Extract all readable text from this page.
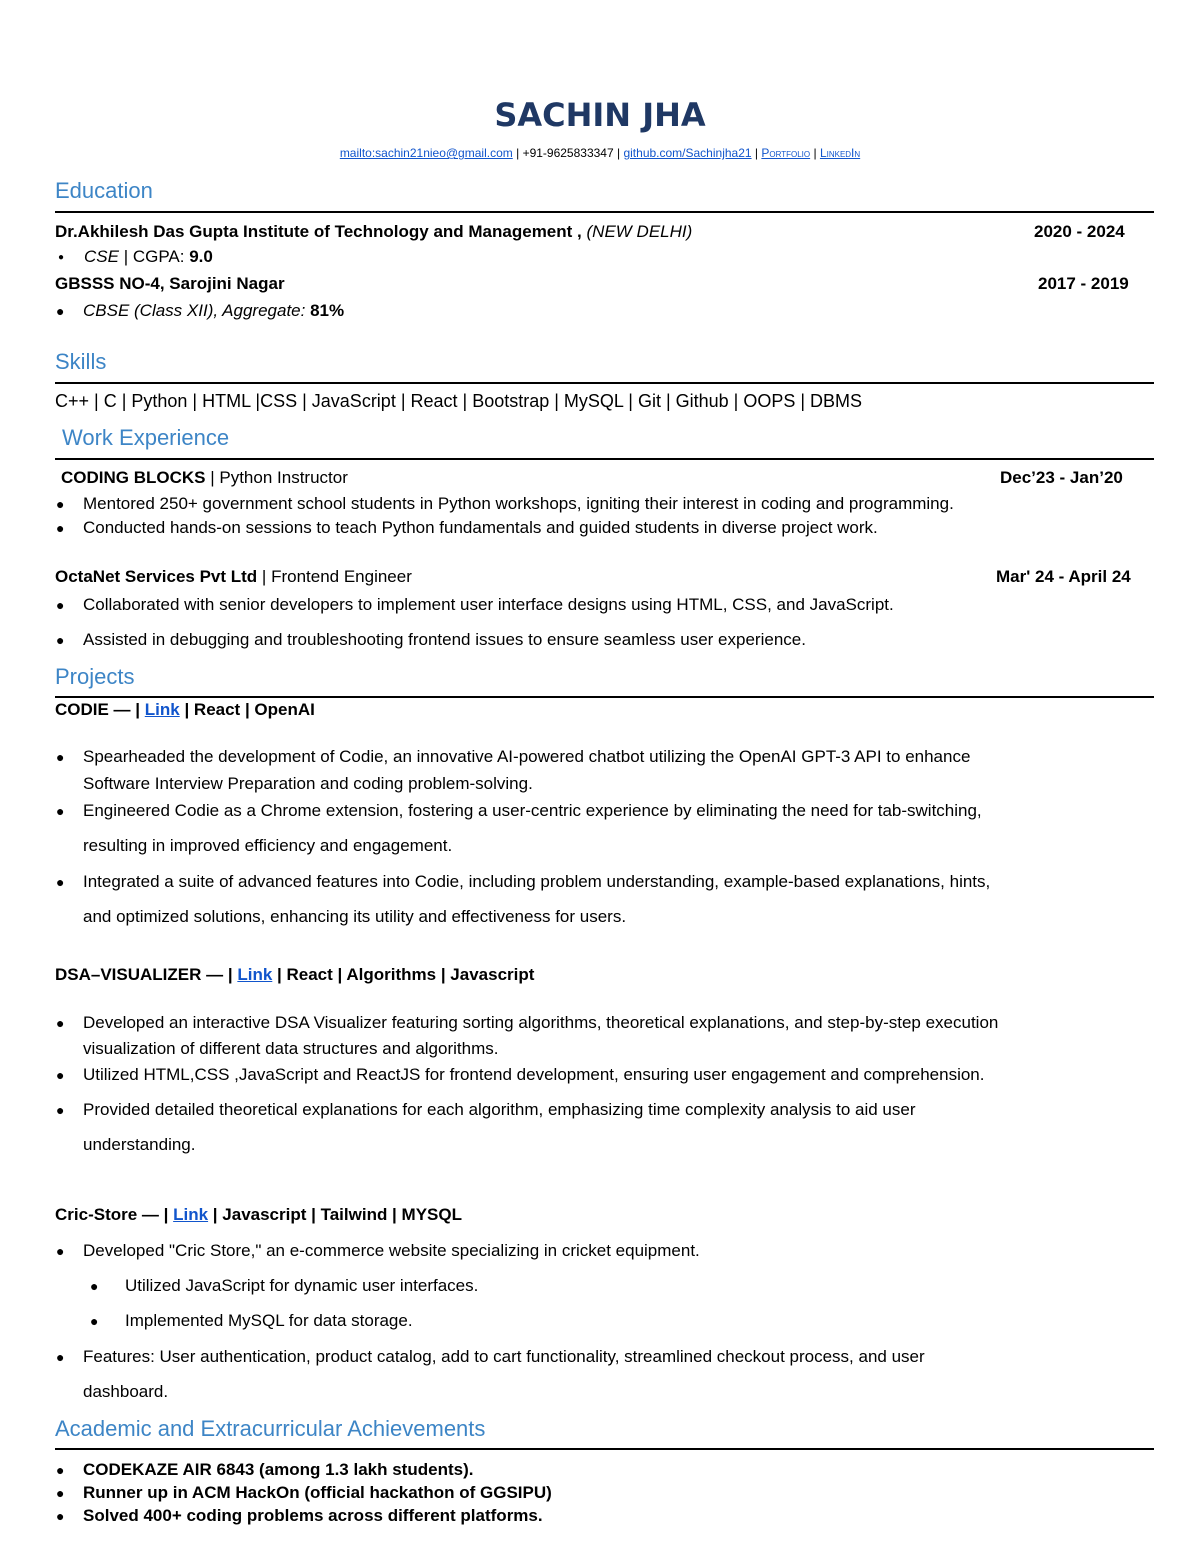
SACHIN JHA
mailto:sachin21nieo@gmail.com | +91-9625833347 | github.com/Sachinjha21 | Portfolio | LinkedIn
Education
Dr.Akhilesh Das Gupta Institute of Technology and Management , (NEW DELHI)	2020 - 2024
● CSE | CGPA: 9.0
GBSSS NO-4, Sarojini Nagar	2017 - 2019
● CBSE (Class XII), Aggregate: 81%
Skills
C++ | C | Python | HTML |CSS | JavaScript | React | Bootstrap | MySQL | Git | Github | OOPS | DBMS
Work Experience
CODING BLOCKS | Python Instructor	Dec’23 - Jan’20
● Mentored 250+ government school students in Python workshops, igniting their interest in coding and programming.
● Conducted hands-on sessions to teach Python fundamentals and guided students in diverse project work.
OctaNet Services Pvt Ltd | Frontend Engineer	Mar' 24 - April 24
● Collaborated with senior developers to implement user interface designs using HTML, CSS, and JavaScript.
● Assisted in debugging and troubleshooting frontend issues to ensure seamless user experience.
Projects
CODIE — | Link | React | OpenAI
● Spearheaded the development of Codie, an innovative AI-powered chatbot utilizing the OpenAI GPT-3 API to enhance
Software Interview Preparation and coding problem-solving.
● Engineered Codie as a Chrome extension, fostering a user-centric experience by eliminating the need for tab-switching,
resulting in improved efficiency and engagement.
● Integrated a suite of advanced features into Codie, including problem understanding, example-based explanations, hints,
and optimized solutions, enhancing its utility and effectiveness for users.
DSA–VISUALIZER — | Link | React | Algorithms | Javascript
● Developed an interactive DSA Visualizer featuring sorting algorithms, theoretical explanations, and step-by-step execution
visualization of different data structures and algorithms.
● Utilized HTML,CSS ,JavaScript and ReactJS for frontend development, ensuring user engagement and comprehension.
● Provided detailed theoretical explanations for each algorithm, emphasizing time complexity analysis to aid user
understanding.
Cric-Store — | Link | Javascript | Tailwind | MYSQL
● Developed "Cric Store," an e-commerce website specializing in cricket equipment.
● Utilized JavaScript for dynamic user interfaces.
● Implemented MySQL for data storage.
● Features: User authentication, product catalog, add to cart functionality, streamlined checkout process, and user
dashboard.
Academic and Extracurricular Achievements
● CODEKAZE AIR 6843 (among 1.3 lakh students).
● Runner up in ACM HackOn (official hackathon of GGSIPU)
● Solved 400+ coding problems across different platforms.
